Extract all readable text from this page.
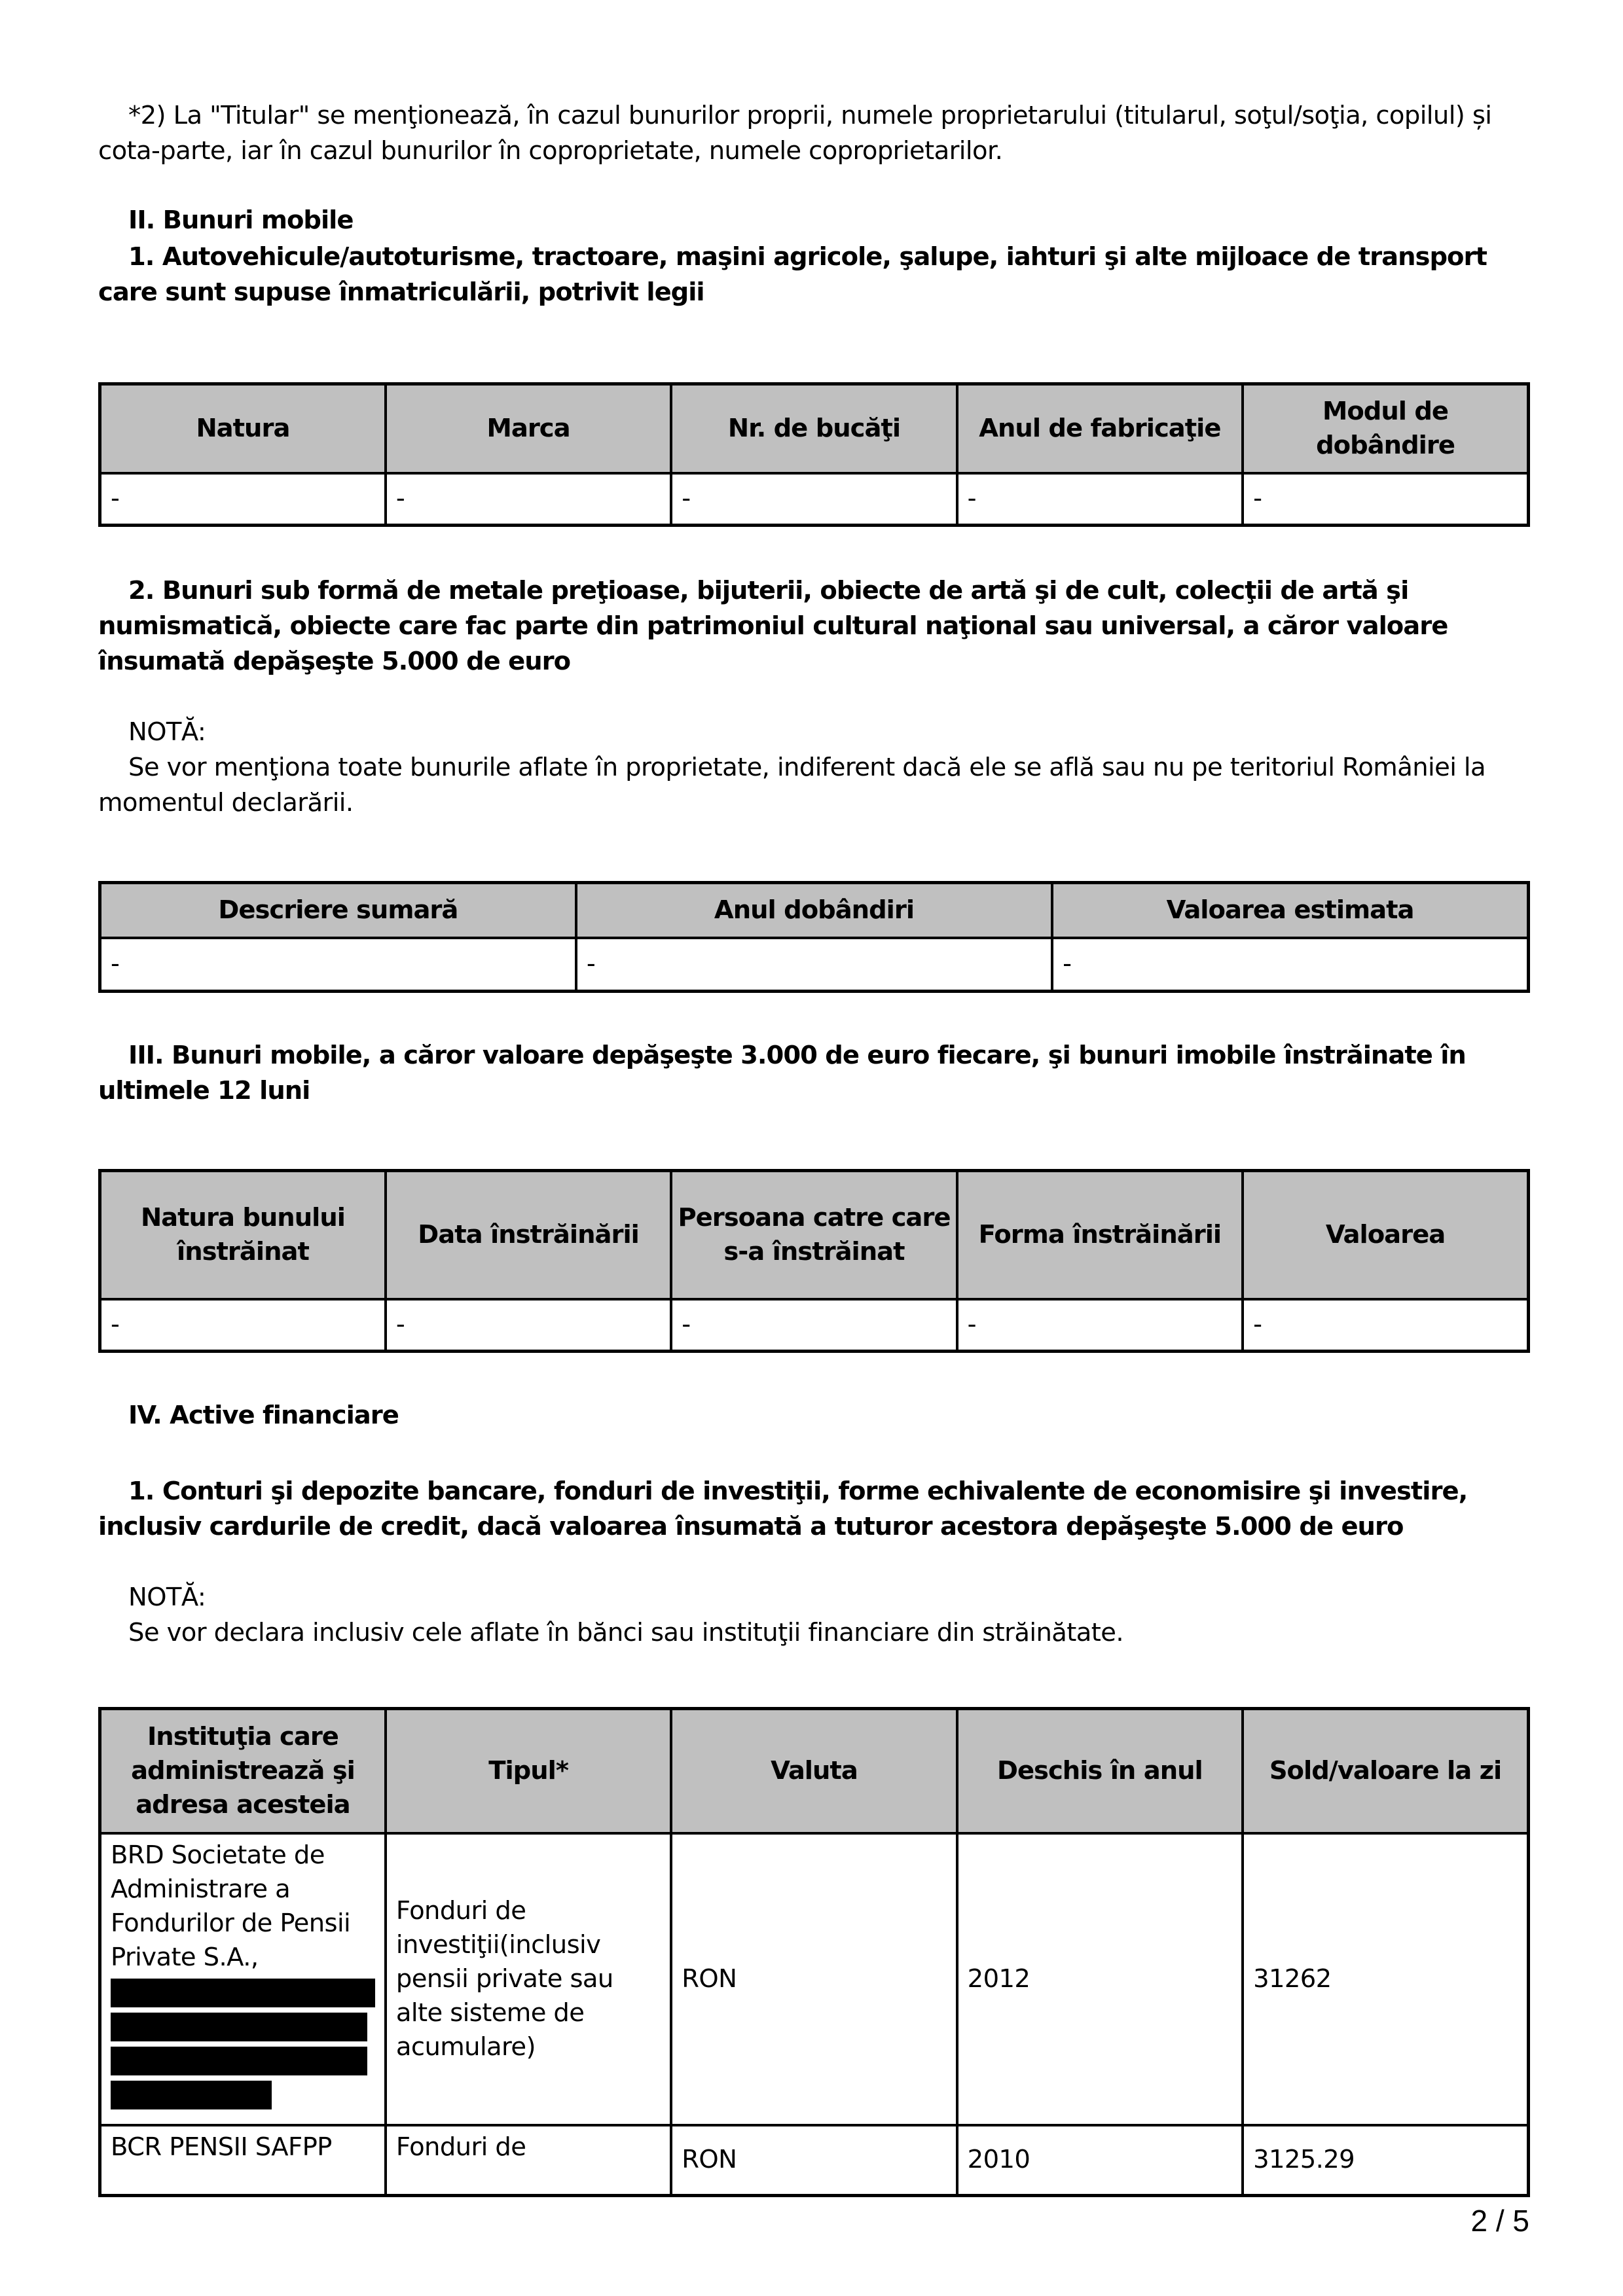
*2) La "Titular" se menţionează, în cazul bunurilor proprii, numele proprietarului (titularul, soţul/soţia, copilul) și cota-parte, iar în cazul bunurilor în coproprietate, numele coproprietarilor.
II. Bunuri mobile
1. Autovehicule/autoturisme, tractoare, maşini agricole, şalupe, iahturi şi alte mijloace de transport care sunt supuse înmatriculării, potrivit legii
Natura	Marca	Nr. de bucăţi	Anul de fabricaţie	Modul de dobândire
-	-	-	-	-
2. Bunuri sub formă de metale preţioase, bijuterii, obiecte de artă şi de cult, colecţii de artă şi numismatică, obiecte care fac parte din patrimoniul cultural naţional sau universal, a căror valoare însumată depăşeşte 5.000 de euro
NOTĂ:
Se vor menţiona toate bunurile aflate în proprietate, indiferent dacă ele se află sau nu pe teritoriul României la momentul declarării.
Descriere sumară	Anul dobândiri	Valoarea estimata
-	-	-
III. Bunuri mobile, a căror valoare depăşeşte 3.000 de euro fiecare, şi bunuri imobile înstrăinate în ultimele 12 luni
Natura bunului înstrăinat	Data înstrăinării	Persoana catre care s-a înstrăinat	Forma înstrăinării	Valoarea
-	-	-	-	-
IV. Active financiare
1. Conturi şi depozite bancare, fonduri de investiţii, forme echivalente de economisire şi investire, inclusiv cardurile de credit, dacă valoarea însumată a tuturor acestora depăşeşte 5.000 de euro
NOTĂ:
Se vor declara inclusiv cele aflate în bănci sau instituţii financiare din străinătate.
Instituţia care administrează şi adresa acesteia	Tipul*	Valuta	Deschis în anul	Sold/valoare la zi
BRD Societate de Administrare a Fondurilor de Pensii Private S.A.,	Fonduri de investiţii(inclusiv pensii private sau alte sisteme de acumulare)	RON	2012	31262
BCR PENSII SAFPP	Fonduri de	RON	2010	3125.29
2 / 5
